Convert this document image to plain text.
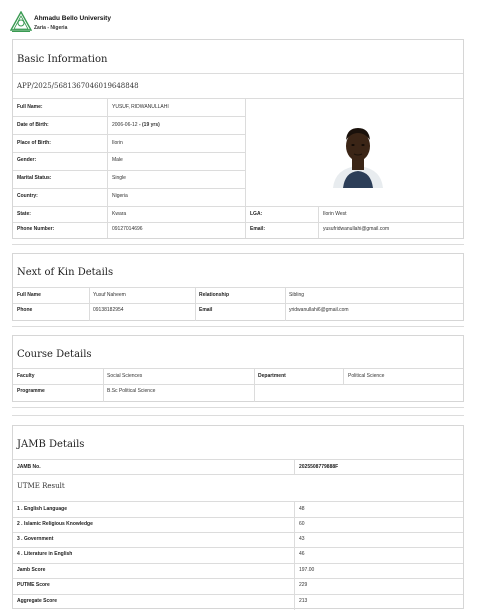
Ahmadu Bello University
Zaria - Nigeria
Basic Information
APP/2025/5681367046019648848
Full Name:	YUSUF, RIDWANULLAHI
Date of Birth:	2006-06-12 - (19 yrs)
Place of Birth:	Ilorin
Gender:	Male
Marital Status:	Single
Country:	Nigeria
State:	Kwara	LGA:	Ilorin West
Phone Number:	09127014696	Email:	yusufridwanullahi@gmail.com
Next of Kin Details
Full Name	Yusuf Naheem	Relationship	Sibling
Phone	09138182954	Email	yridwanullahi6@gmail.com
Course Details
Faculty	Social Sciences	Department	Political Science
Programme	B.Sc Political Science
JAMB Details
JAMB No.	2025508779888F
UTME Result
1 . English Language	48
2 . Islamic Religious Knowledge	60
3 . Government	43
4 . Literature in English	46
Jamb Score	197.00
PUTME Score	229
Aggregate Score	213
